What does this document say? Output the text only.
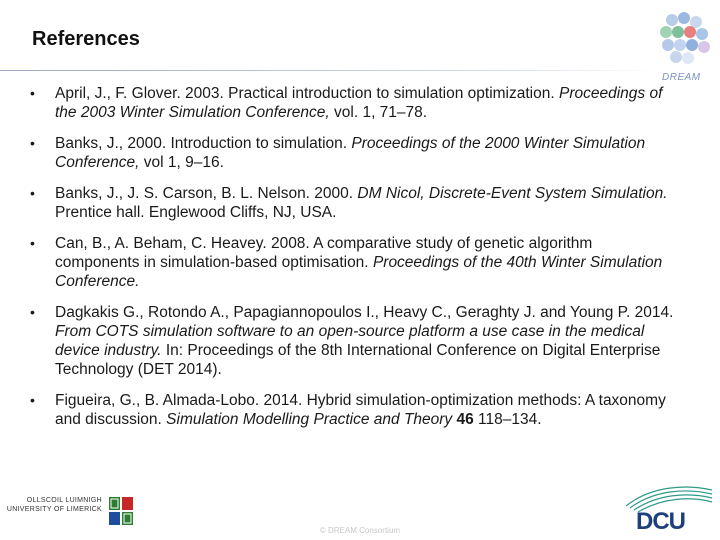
References
DREAM
• April, J., F. Glover. 2003. Practical introduction to simulation optimization. Proceedings of the 2003 Winter Simulation Conference, vol. 1, 71–78.
• Banks, J., 2000. Introduction to simulation. Proceedings of the 2000 Winter Simulation Conference, vol 1, 9–16.
• Banks, J., J. S. Carson, B. L. Nelson. 2000. DM Nicol, Discrete-Event System Simulation. Prentice hall. Englewood Cliffs, NJ, USA.
• Can, B., A. Beham, C. Heavey. 2008. A comparative study of genetic algorithm components in simulation-based optimisation. Proceedings of the 40th Winter Simulation Conference.
• Dagkakis G., Rotondo A., Papagiannopoulos I., Heavy C., Geraghty J. and Young P. 2014. From COTS simulation software to an open-source platform a use case in the medical device industry. In: Proceedings of the 8th International Conference on Digital Enterprise Technology (DET 2014).
• Figueira, G., B. Almada-Lobo. 2014. Hybrid simulation-optimization methods: A taxonomy and discussion. Simulation Modelling Practice and Theory 46 118–134.
OLLSCOIL LUIMNIGH
UNIVERSITY OF LIMERICK
© DREAM Consortium	DCU
